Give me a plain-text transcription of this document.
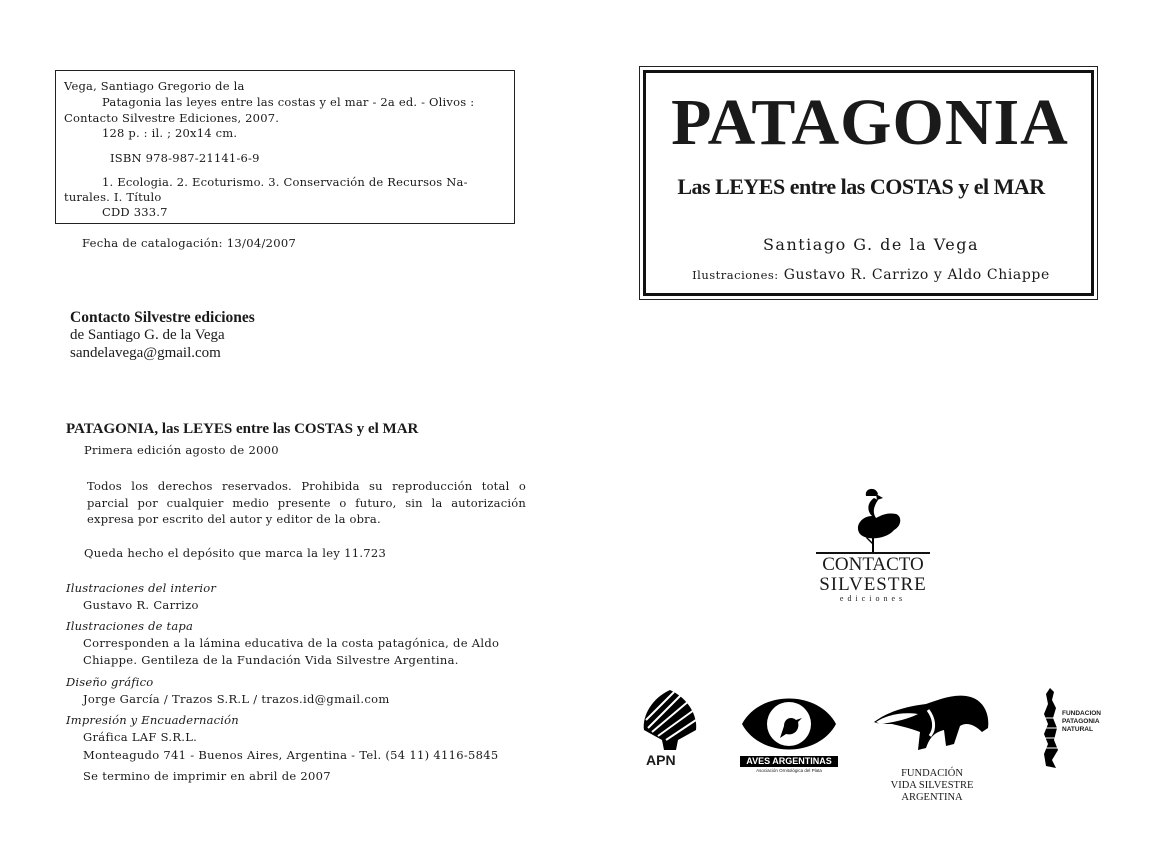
Vega, Santiago Gregorio de la
Patagonia las leyes entre las costas y el mar - 2a ed. - Olivos :
Contacto Silvestre Ediciones, 2007.
128 p. : il. ; 20x14 cm.
ISBN 978-987-21141-6-9
1. Ecologia. 2. Ecoturismo. 3. Conservación de Recursos Na-
turales. I. Título
CDD 333.7
Fecha de catalogación: 13/04/2007
Contacto Silvestre ediciones
de Santiago G. de la Vega
sandelavega@gmail.com
PATAGONIA, las LEYES entre las COSTAS y el MAR
Primera edición agosto de 2000
Todos los derechos reservados. Prohibida su reproducción total o parcial por cualquier medio presente o futuro, sin la autorización expresa por escrito del autor y editor de la obra.
Queda hecho el depósito que marca la ley 11.723
Ilustraciones del interior
Gustavo R. Carrizo
Ilustraciones de tapa
Corresponden a la lámina educativa de la costa patagónica, de Aldo
Chiappe. Gentileza de la Fundación Vida Silvestre Argentina.
Diseño gráfico
Jorge García / Trazos S.R.L / trazos.id@gmail.com
Impresión y Encuadernación
Gráfica LAF S.R.L.
Monteagudo 741 - Buenos Aires, Argentina - Tel. (54 11) 4116-5845
Se termino de imprimir en abril de 2007
PATAGONIA
Las LEYES entre las COSTAS y el MAR
Santiago G. de la Vega
Ilustraciones: Gustavo R. Carrizo y Aldo Chiappe
CONTACTO
SILVESTRE
ediciones
APN	AVES ARGENTINAS
Asociación Ornitológica del Plata	FUNDACIÓN
VIDA SILVESTRE
ARGENTINA
FUNDACION
PATAGONIA
NATURAL
